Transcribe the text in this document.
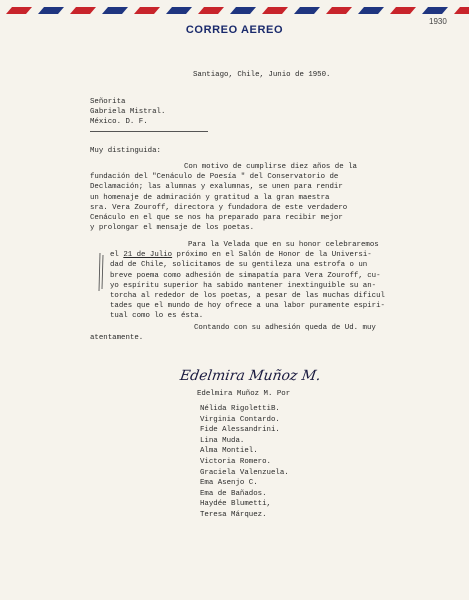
CORREO AEREO
1930
Santiago, Chile, Junio de 1950.
Señorita
Gabriela Mistral.
México. D. F.
Muy distinguida:
Con motivo de cumplirse diez años de la
fundación del "Cenáculo de Poesía " del Conservatorio de
Declamación; las alumnas y exalumnas, se unen para rendir
un homenaje de admiración y gratitud a la gran maestra
sra. Vera Zouroff, directora y fundadora de este verdadero
Cenáculo en el que se nos ha preparado para recibir mejor
y prolongar el mensaje de los poetas.
Para la Velada que en su honor celebraremos
el 21 de Julio próximo en el Salón de Honor de la Universi-
dad de Chile, solicitamos de su gentileza una estrofa o un
breve poema como adhesión de simapatía para Vera Zouroff, cu-
yo espíritu superior ha sabido mantener inextinguible su an-
torcha al rededor de los poetas, a pesar de las muchas dificul
tades que el mundo de hoy ofrece a una labor puramente espiri-
tual como lo es ésta.
Contando con su adhesión queda de Ud. muy
atentamente.
Edelmira Muñoz M.
Edelmira Muñoz M. Por
Nélida RigolettiB.
Virginia Contardo.
Fide Alessandrini.
Lina Muda.
Alma Montiel.
Victoria Romero.
Graciela Valenzuela.
Ema Asenjo C.
Ema de Bañados.
Haydée Blumetti,
Teresa Márquez.
